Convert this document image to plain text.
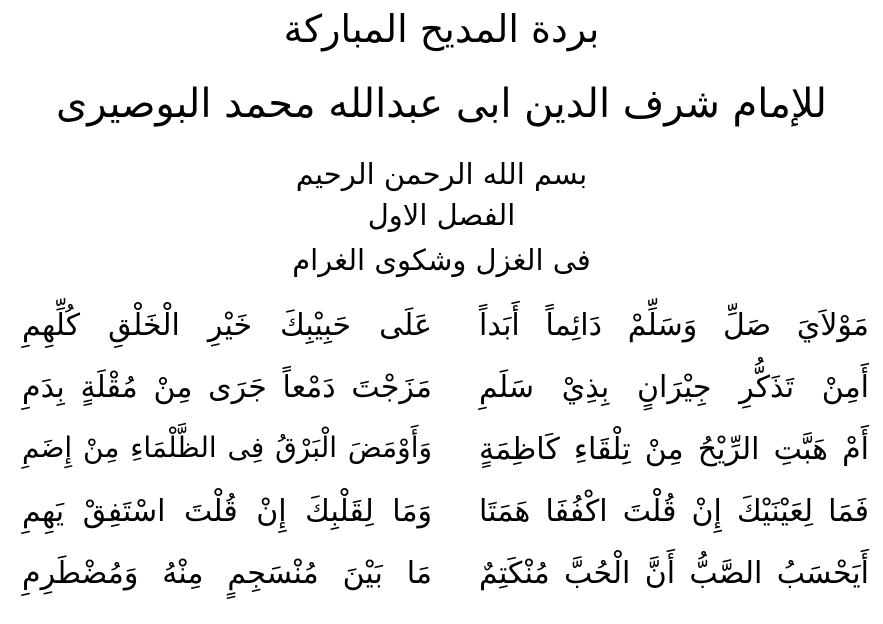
بردة المديح المباركة
للإمام شرف الدين ابى عبدالله محمد البوصيرى
بسم الله الرحمن الرحيم
الفصل الاول
فى الغزل وشكوى الغرام
مَوْلاَيَ صَلِّ وَسَلِّمْ دَائِماً أَبَداً
عَلَى حَبِيْبِكَ خَيْرِ الْخَلْقِ كُلِّهِمِ
أَمِنْ تَذَكُّرِ جِيْرَانٍ بِذِيْ سَلَمِ
مَزَجْتَ دَمْعاً جَرَى مِنْ مُقْلَةٍ بِدَمِ
أَمْ هَبَّتِ الرِّيْحُ مِنْ تِلْقَاءِ كَاظِمَةٍ
وَأَوْمَضَ الْبَرْقُ فِى الظَّلْمَاءِ مِنْ إِضَمِ
فَمَا لِعَيْنَيْكَ إِنْ قُلْتَ اكْفُفَا هَمَتَا
وَمَا لِقَلْبِكَ إِنْ قُلْتَ اسْتَفِقْ يَهِمِ
أَيَحْسَبُ الصَّبُّ أَنَّ الْحُبَّ مُنْكَتِمٌ
مَا بَيْنَ مُنْسَجِمٍ مِنْهُ وَمُضْطَرِمِ
